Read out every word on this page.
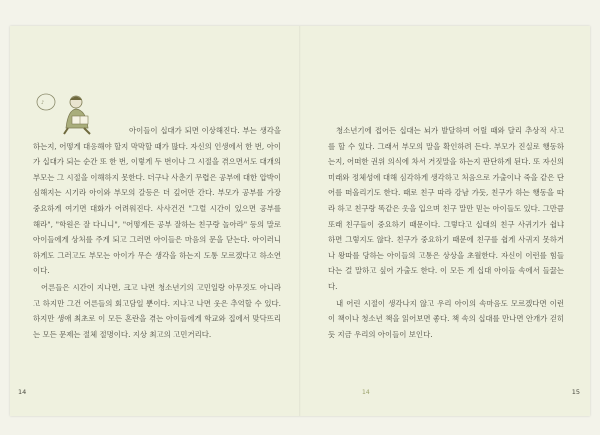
♪

아이들이 십대가 되면 이상해진다. 부는 생각을 하는지, 어떻게 대응해야 할지 막막할 때가 많다. 자신의 인생에서 한 번, 아이가 십대가 되는 순간 또 한 번, 이렇게 두 번이나 그 시절을 겪으면서도 대개의 부모는 그 시절을 이해하지 못한다. 더구나 사춘기 무렵은 공부에 대한 압박이 심해지는 시기라 아이와 부모의 갈등은 더 깊어만 간다. 부모가 공부를 가장 중요하게 여기면 대화가 어려워진다. 사사건건 "그럴 시간이 있으면 공부를 해라", "학원은 잘 다니니", "어떻게든 공부 잘하는 친구랑 놀아라" 등의 말로 아이들에게 상처를 주게 되고 그러면 아이들은 마음의 문을 닫는다. 아이러니하게도 그러고도 부모는 아이가 무슨 생각을 하는지 도통 모르겠다고 하소연이다.

어른들은 시간이 지나면, 크고 나면 청소년기의 고민일랑 아무것도 아니라고 하지만 그건 어른들의 회고담일 뿐이다. 지나고 나면 웃은 추억할 수 있다. 하지만 생애 최초로 이 모든 혼란을 겪는 아이들에게 학교와 집에서 맞닥뜨리는 모든 문제는 절체 절명이다. 지상 최고의 고민거리다.

14

청소년기에 접어든 십대는 뇌가 발달하며 어릴 때와 달리 추상적 사고를 할 수 있다. 그래서 부모의 말을 확인하려 든다. 부모가 진실로 행동하는지, 어떠한 권위 의식에 차서 거짓말을 하는지 판단하게 된다. 또 자신의 미래와 정체성에 대해 심각하게 생각하고 처음으로 가출이나 죽을 같은 단어를 떠올리기도 한다. 때로 친구 따라 강남 가듯, 친구가 하는 행동을 따라 하고 친구랑 똑같은 옷을 입으며 친구 말만 믿는 아이들도 있다. 그만큼 또래 친구들이 중요하기 때문이다. 그렇다고 십대의 친구 사귀기가 쉽냐 하면 그렇지도 않다. 친구가 중요하기 때문에 친구를 쉽게 사귀지 못하거나 왕따를 당하는 아이들의 고통은 상상을 초월한다. 자신이 이런를 힘들다는 걸 말하고 싶어 가출도 한다. 이 모든 게 십대 아이들 속에서 들끓는다.

내 어린 시절이 생각나지 않고 우리 아이의 속마음도 모르겠다면 이런이 책이나 청소년 책을 읽어보면 좋다. 책 속의 십대를 만나면 안개가 걷히듯 지금 우리의 아이들이 보인다.

14	15
